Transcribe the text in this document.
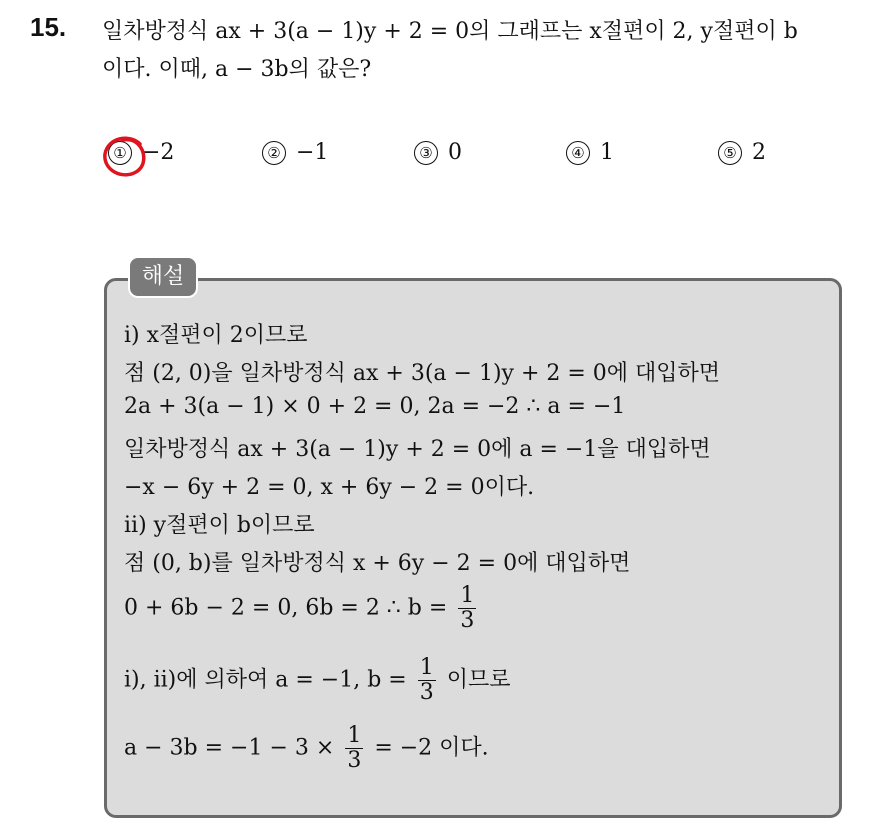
15. 일차방정식 ax + 3(a − 1)y + 2 = 0의 그래프는 x절편이 2, y절편이 b
이다. 이때, a − 3b의 값은?
① −2	② −1	③ 0	④ 1	⑤ 2
해설
ⅰ) x절편이 2이므로
점 (2, 0)을 일차방정식 ax + 3(a − 1)y + 2 = 0에 대입하면
2a + 3(a − 1) × 0 + 2 = 0, 2a = −2 ∴ a = −1
일차방정식 ax + 3(a − 1)y + 2 = 0에 a = −1을 대입하면
−x − 6y + 2 = 0, x + 6y − 2 = 0이다.
ⅱ) y절편이 b이므로
점 (0, b)를 일차방정식 x + 6y − 2 = 0에 대입하면
0 + 6b − 2 = 0, 6b = 2 ∴ $b = \frac{1}{3}$
ⅰ), ⅱ)에 의하여 a = −1, $b = \frac{1}{3}$ 이므로
$a - 3b = -1 - 3 \times \frac{1}{3} = -2$ 이다.
